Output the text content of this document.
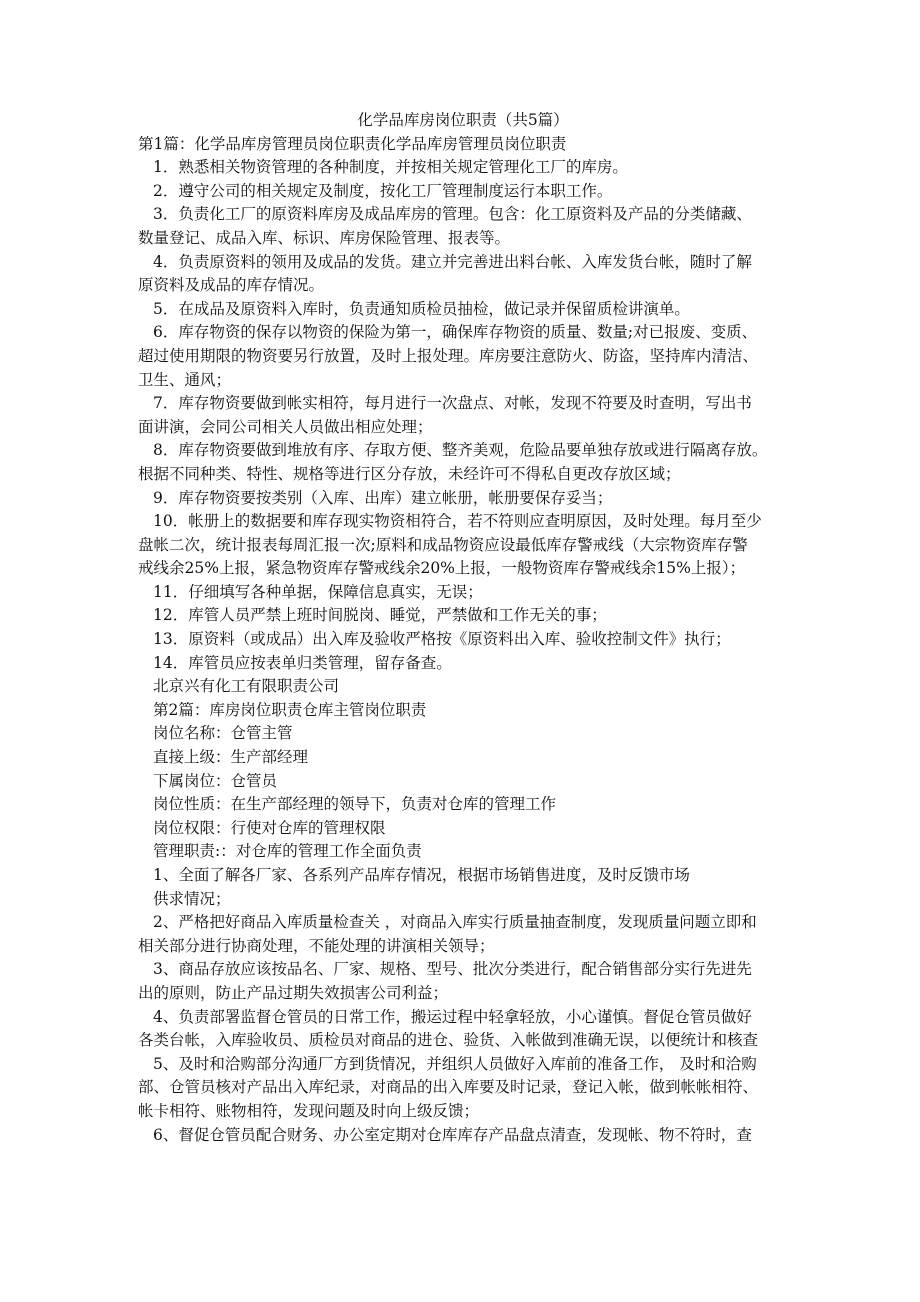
化学品库房岗位职责（共5篇）

第1篇：化学品库房管理员岗位职责化学品库房管理员岗位职责

1．熟悉相关物资管理的各种制度，并按相关规定管理化工厂的库房。

2．遵守公司的相关规定及制度，按化工厂管理制度运行本职工作。

3．负责化工厂的原资料库房及成品库房的管理。包含：化工原资料及产品的分类储藏、

数量登记、成品入库、标识、库房保险管理、报表等。

4．负责原资料的领用及成品的发货。建立并完善进出料台帐、入库发货台帐，随时了解

原资料及成品的库存情况。

5．在成品及原资料入库时，负责通知质检员抽检，做记录并保留质检讲演单。

6．库存物资的保存以物资的保险为第一，确保库存物资的质量、数量;对已报废、变质、

超过使用期限的物资要另行放置，及时上报处理。库房要注意防火、防盗，坚持库内清洁、

卫生、通风；

7．库存物资要做到帐实相符，每月进行一次盘点、对帐，发现不符要及时查明，写出书

面讲演，会同公司相关人员做出相应处理；

8．库存物资要做到堆放有序、存取方便、整齐美观，危险品要单独存放或进行隔离存放。

根据不同种类、特性、规格等进行区分存放，未经许可不得私自更改存放区域；

9．库存物资要按类别（入库、出库）建立帐册，帐册要保存妥当；

10．帐册上的数据要和库存现实物资相符合，若不符则应查明原因，及时处理。每月至少

盘帐二次，统计报表每周汇报一次;原料和成品物资应设最低库存警戒线（大宗物资库存警

戒线余25%上报，紧急物资库存警戒线余20%上报，一般物资库存警戒线余15%上报）；

11．仔细填写各种单据，保障信息真实，无误；

12．库管人员严禁上班时间脱岗、睡觉，严禁做和工作无关的事；

13．原资料（或成品）出入库及验收严格按《原资料出入库、验收控制文件》执行；

14．库管员应按表单归类管理，留存备查。

北京兴有化工有限职责公司

第2篇：库房岗位职责仓库主管岗位职责

岗位名称：仓管主管

直接上级：生产部经理

下属岗位：仓管员

岗位性质：在生产部经理的领导下，负责对仓库的管理工作

岗位权限：行使对仓库的管理权限

管理职责:：对仓库的管理工作全面负责

1、全面了解各厂家、各系列产品库存情况，根据市场销售进度，及时反馈市场

供求情况；

2、严格把好商品入库质量检查关 ，对商品入库实行质量抽查制度，发现质量问题立即和

相关部分进行协商处理，不能处理的讲演相关领导；

3、商品存放应该按品名、厂家、规格、型号、批次分类进行，配合销售部分实行先进先

出的原则，防止产品过期失效损害公司利益；

4、负责部署监督仓管员的日常工作，搬运过程中轻拿轻放，小心谨慎。督促仓管员做好

各类台帐，入库验收员、质检员对商品的进仓、验货、入帐做到准确无误，以便统计和核查

5、及时和洽购部分沟通厂方到货情况，并组织人员做好入库前的准备工作， 及时和洽购

部、仓管员核对产品出入库纪录，对商品的出入库要及时记录，登记入帐，做到帐帐相符、

帐卡相符、账物相符，发现问题及时向上级反馈；

6、督促仓管员配合财务、办公室定期对仓库库存产品盘点清查，发现帐、物不符时，查
